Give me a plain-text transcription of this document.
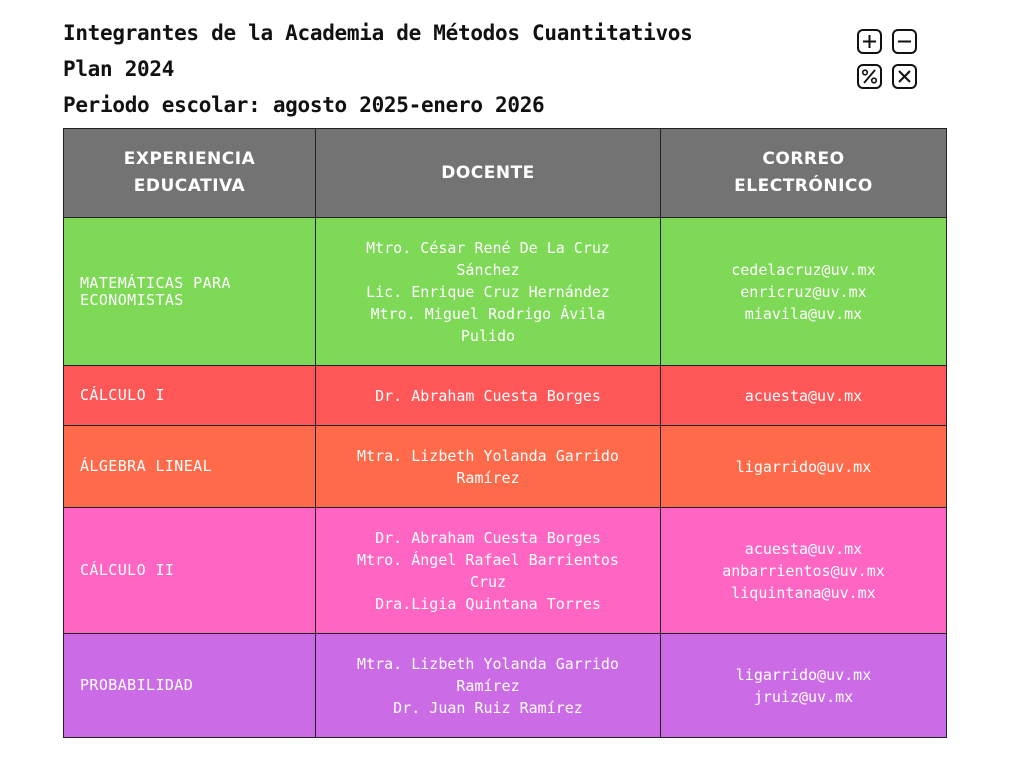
Integrantes de la Academia de Métodos Cuantitativos
Plan 2024
Periodo escolar: agosto 2025-enero 2026
EXPERIENCIA
EDUCATIVA
DOCENTE
CORREO
ELECTRÓNICO
MATEMÁTICAS PARA
ECONOMISTAS
Mtro. César René De La Cruz
Sánchez
Lic. Enrique Cruz Hernández
Mtro. Miguel Rodrigo Ávila
Pulido
cedelacruz@uv.mx
enricruz@uv.mx
miavila@uv.mx
CÁLCULO I	Dr. Abraham Cuesta Borges	acuesta@uv.mx
ÁLGEBRA LINEAL
Mtra. Lizbeth Yolanda Garrido
Ramírez
ligarrido@uv.mx
CÁLCULO II
Dr. Abraham Cuesta Borges
Mtro. Ángel Rafael Barrientos
Cruz
Dra.Ligia Quintana Torres
acuesta@uv.mx
anbarrientos@uv.mx
liquintana@uv.mx
PROBABILIDAD
Mtra. Lizbeth Yolanda Garrido
Ramírez
Dr. Juan Ruiz Ramírez
ligarrido@uv.mx
jruiz@uv.mx
